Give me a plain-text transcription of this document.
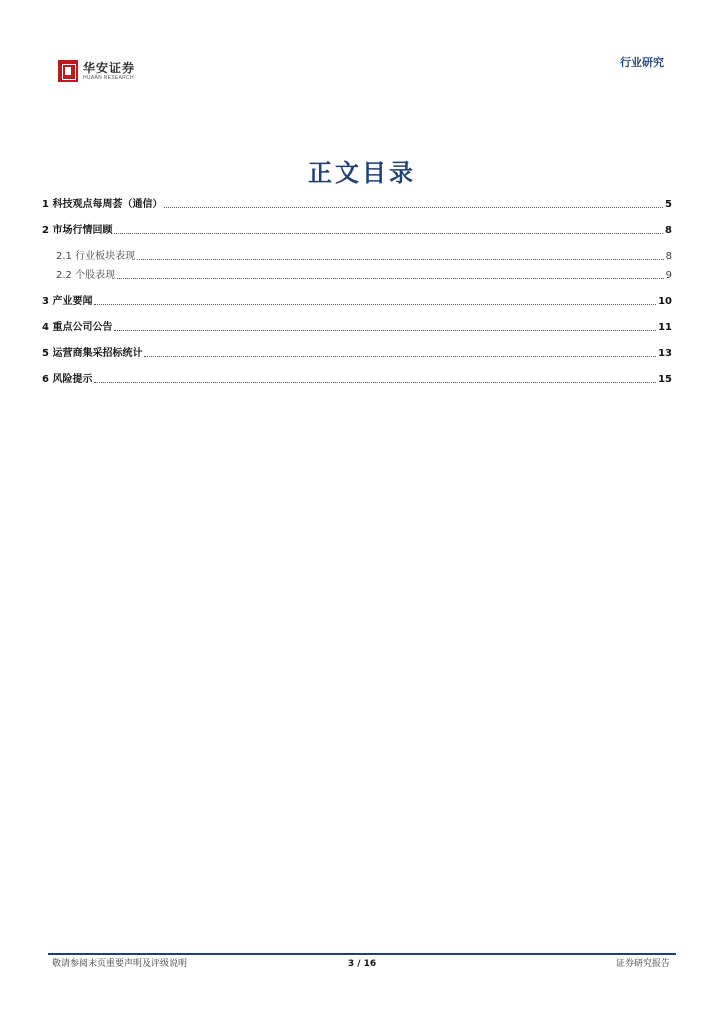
华安证券
HUAAN RESEARCH
行业研究
正文目录
1 科技观点每周荟（通信）	5
2 市场行情回顾	8
2.1 行业板块表现	8
2.2 个股表现	9
3 产业要闻	10
4 重点公司公告	11
5 运营商集采招标统计	13
6 风险提示	15
敬请参阅末页重要声明及评级说明	3 / 16	证券研究报告
